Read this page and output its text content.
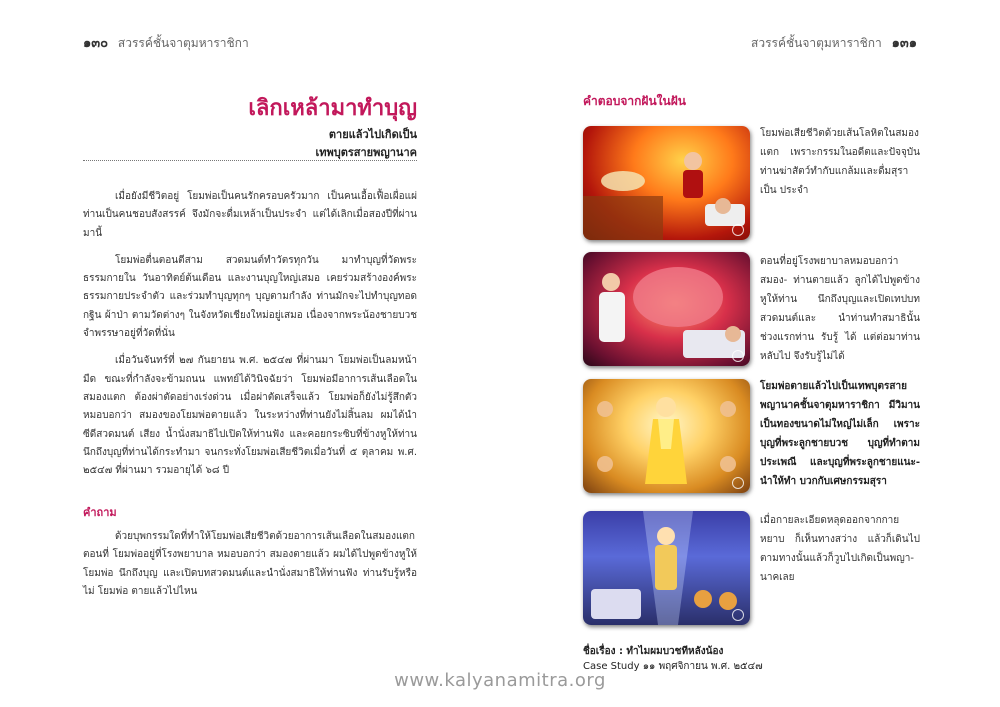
๑๓๐ สวรรค์ชั้นจาตุมหาราชิกา
เลิกเหล้ามาทำบุญ
ตายแล้วไปเกิดเป็น
เทพบุตรสายพญานาค

เมื่อยังมีชีวิตอยู่ โยมพ่อเป็นคนรักครอบครัวมาก เป็นคนเอื้อเฟื้อเผื่อแผ่ ท่านเป็นคนชอบสังสรรค์ จึงมักจะดื่มเหล้าเป็นประจำ แต่ได้เลิกเมื่อสองปีที่ผ่านมานี้

โยมพ่อตื่นตอนตีสาม สวดมนต์ทำวัตรทุกวัน มาทำบุญที่วัดพระธรรมกายใน วันอาทิตย์ต้นเดือน และงานบุญใหญ่เสมอ เคยร่วมสร้างองค์พระธรรมกายประจำตัว และร่วมทำบุญทุกๆ บุญตามกำลัง ท่านมักจะไปทำบุญทอดกฐิน ผ้าป่า ตามวัดต่างๆ ในจังหวัดเชียงใหม่อยู่เสมอ เนื่องจากพระน้องชายบวชจำพรรษาอยู่ที่วัดที่นั่น

เมื่อวันจันทร์ที่ ๒๗ กันยายน พ.ศ. ๒๕๔๗ ที่ผ่านมา โยมพ่อเป็นลมหน้ามืด ขณะที่กำลังจะข้ามถนน แพทย์ได้วินิจฉัยว่า โยมพ่อมีอาการเส้นเลือดในสมองแตก ต้องผ่าตัดอย่างเร่งด่วน เมื่อผ่าตัดเสร็จแล้ว โยมพ่อก็ยังไม่รู้สึกตัว หมอบอกว่า สมองของโยมพ่อตายแล้ว ในระหว่างที่ท่านยังไม่สิ้นลม ผมได้นำซีดีสวดมนต์ เสียง น้ำนั่งสมาธิไปเปิดให้ท่านฟัง และคอยกระซิบที่ข้างหูให้ท่านนึกถึงบุญที่ท่านได้กระทำมา จนกระทั่งโยมพ่อเสียชีวิตเมื่อวันที่ ๕ ตุลาคม พ.ศ. ๒๕๔๗ ที่ผ่านมา รวมอายุได้ ๖๘ ปี

คำถาม

ด้วยบุพกรรมใดที่ทำให้โยมพ่อเสียชีวิตด้วยอาการเส้นเลือดในสมองแตก ตอนที่ โยมพ่ออยู่ที่โรงพยาบาล หมอบอกว่า สมองตายแล้ว ผมได้ไปพูดข้างหูให้โยมพ่อ นึกถึงบุญ และเปิดบทสวดมนต์และนำนั่งสมาธิให้ท่านฟัง ท่านรับรู้หรือไม่ โยมพ่อ ตายแล้วไปไหน

สวรรค์ชั้นจาตุมหาราชิกา ๑๓๑
คำตอบจากฝันในฝัน
โยมพ่อเสียชีวิตด้วยเส้นโลหิตในสมอง แตก เพราะกรรมในอดีตและปัจจุบัน ท่านฆ่าสัตว์ทำกับแกล้มและดื่มสุราเป็น ประจำ
ตอนที่อยู่โรงพยาบาลหมอบอกว่าสมอง- ท่านตายแล้ว ลูกได้ไปพูดข้างหูให้ท่าน นึกถึงบุญและเปิดเทปบทสวดมนต์และ นำท่านทำสมาธินั้น ช่วงแรกท่าน รับรู้ ได้ แต่ต่อมาท่านหลับไป จึงรับรู้ไม่ได้
โยมพ่อตายแล้วไปเป็นเทพบุตรสาย พญานาคชั้นจาตุมหาราชิกา มีวิมาน เป็นทองขนาดไม่ใหญ่ไม่เล็ก เพราะ บุญที่พระลูกชายบวช บุญที่ทำตาม ประเพณี และบุญที่พระลูกชายแนะ- นำให้ทำ บวกกับเศษกรรมสุรา
เมื่อกายละเอียดหลุดออกจากกาย หยาบ ก็เห็นทางสว่าง แล้วก็เดินไป ตามทางนั้นแล้วก็วูบไปเกิดเป็นพญา- นาคเลย
ชื่อเรื่อง : ทำไมผมบวชทีหลังน้อง
Case Study ๑๑ พฤศจิกายน พ.ศ. ๒๕๔๗
www.kalyanamitra.org
